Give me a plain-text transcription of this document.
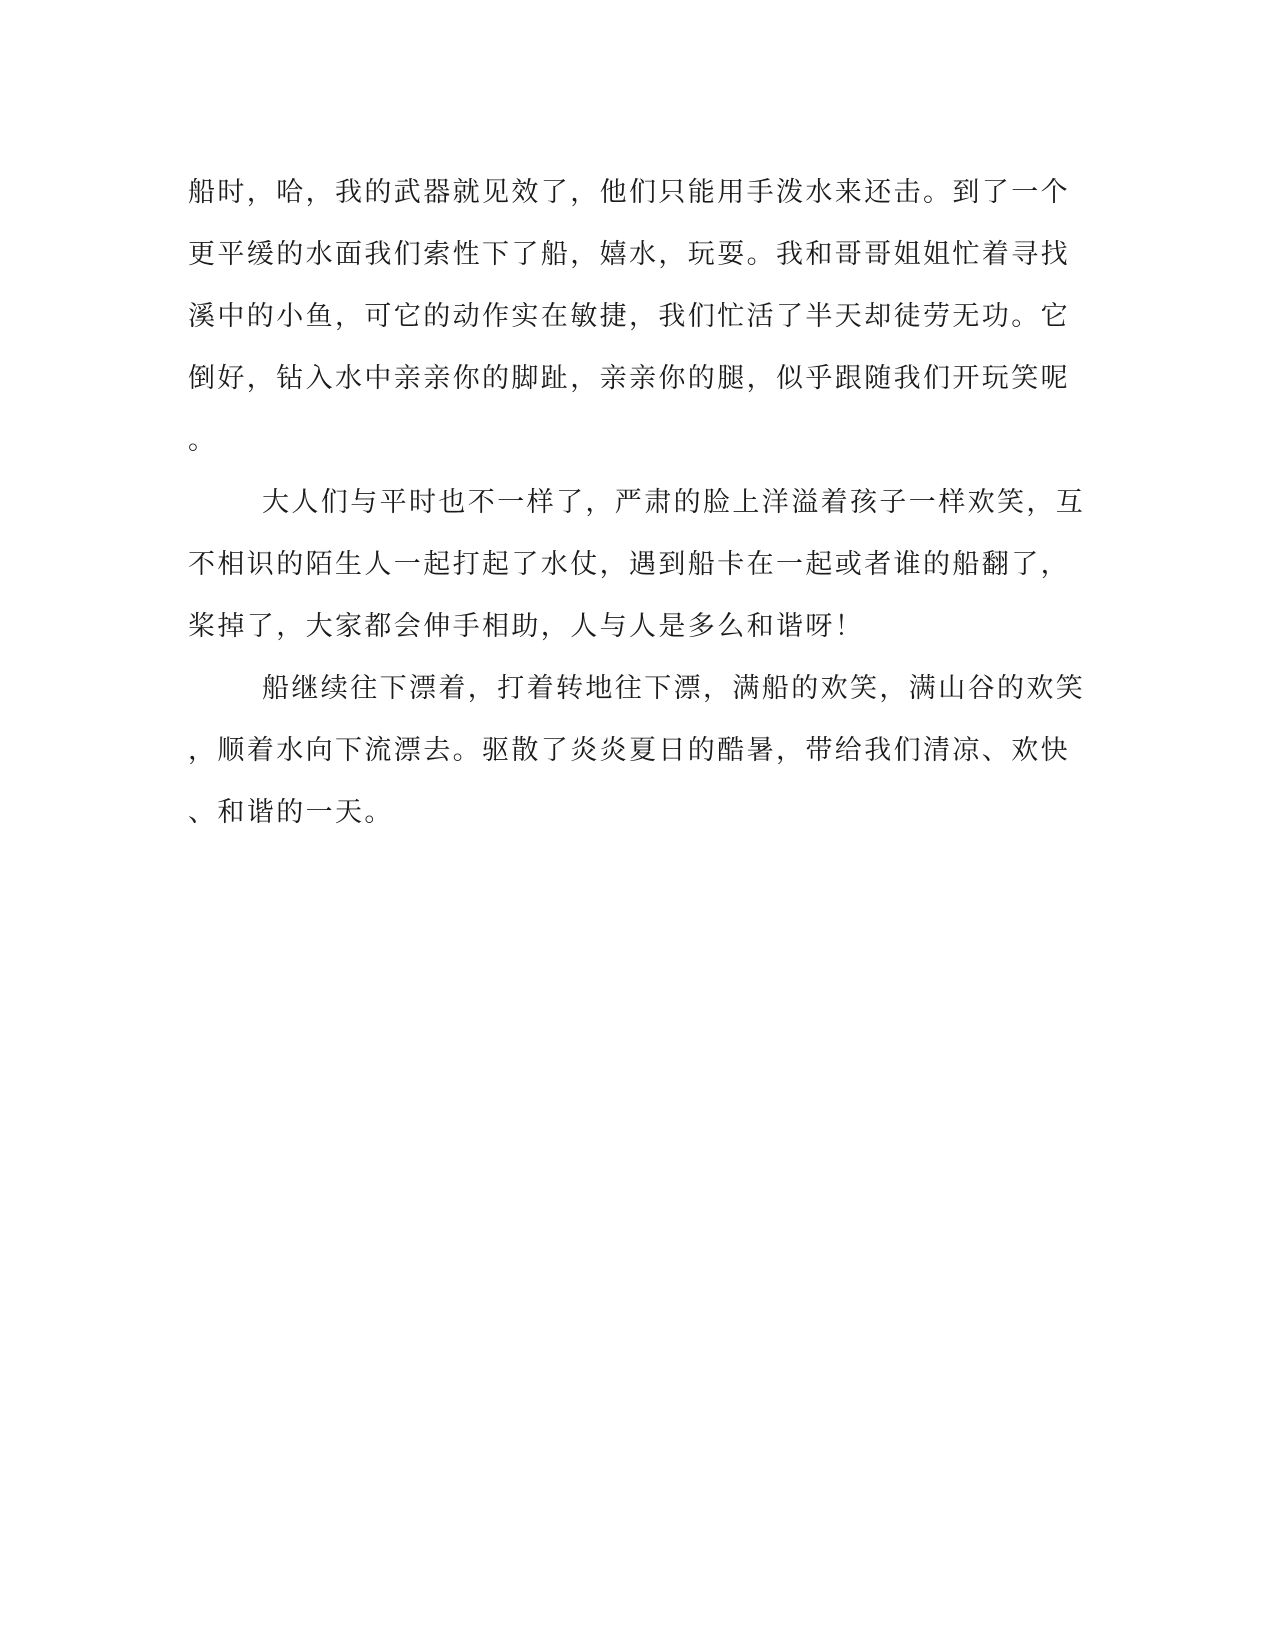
船时，哈，我的武器就见效了，他们只能用手泼水来还击。到了一个
更平缓的水面我们索性下了船，嬉水，玩耍。我和哥哥姐姐忙着寻找
溪中的小鱼，可它的动作实在敏捷，我们忙活了半天却徒劳无功。它
倒好，钻入水中亲亲你的脚趾，亲亲你的腿，似乎跟随我们开玩笑呢
。
大人们与平时也不一样了，严肃的脸上洋溢着孩子一样欢笑，互
不相识的陌生人一起打起了水仗，遇到船卡在一起或者谁的船翻了，
桨掉了，大家都会伸手相助，人与人是多么和谐呀！
船继续往下漂着，打着转地往下漂，满船的欢笑，满山谷的欢笑
，顺着水向下流漂去。驱散了炎炎夏日的酷暑，带给我们清凉、欢快
、和谐的一天。
